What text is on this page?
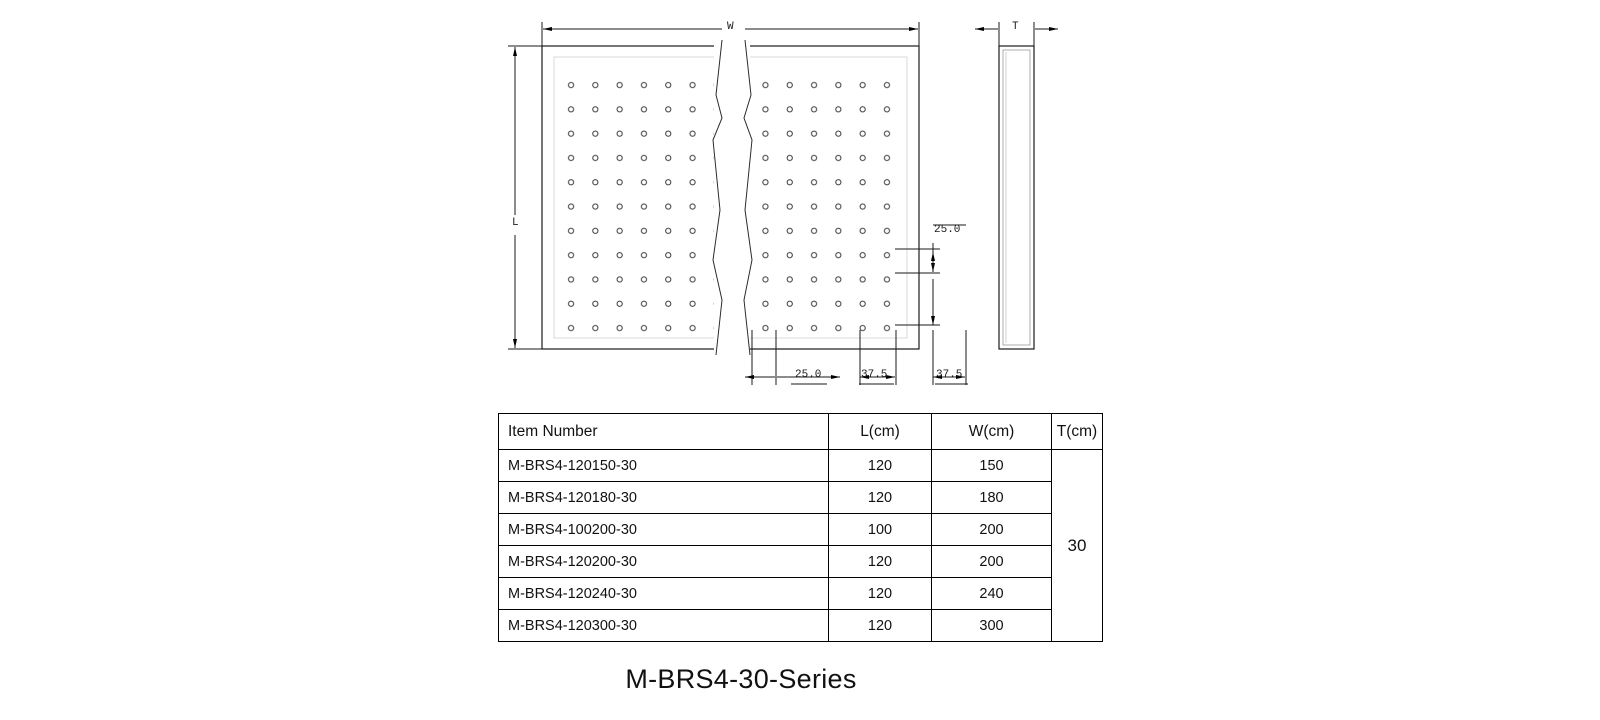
W
L
T
25.0
25.0	37.5	37.5
Item Number	L(cm)	W(cm)	T(cm)
M-BRS4-120150-30	120	150	30
M-BRS4-120180-30	120	180	
M-BRS4-100200-30	100	200	
M-BRS4-120200-30	120	200	
M-BRS4-120240-30	120	240	
M-BRS4-120300-30	120	300	
M-BRS4-30-Series
